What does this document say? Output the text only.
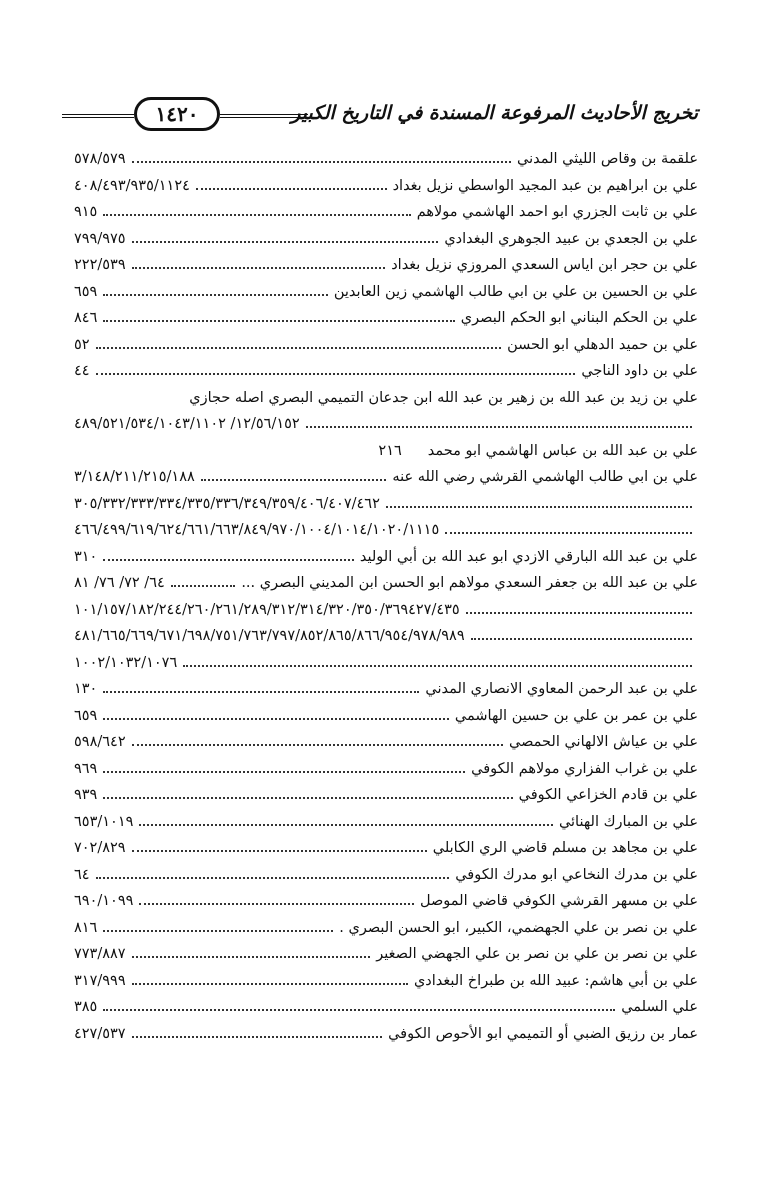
١٤٢٠	تخريج الأحاديث المرفوعة المسندة في التاريخ الكبير
علقمة بن وقاص الليثي المدني٥٧٨/٥٧٩
علي بن ابراهيم بن عبد المجيد الواسطي نزيل بغداد٤٠٨/٤٩٣/٩٣٥/١١٢٤
علي بن ثابت الجزري ابو احمد الهاشمي مولاهم٩١٥
علي بن الجعدي بن عبيد الجوهري البغدادي٧٩٩/٩٧٥
علي بن حجر ابن اياس السعدي المروزي نزيل بغداد٢٢٢/٥٣٩
علي بن الحسين بن علي بن ابي طالب الهاشمي زين العابدين٦٥٩
علي بن الحكم البناني ابو الحكم البصري٨٤٦
علي بن حميد الدهلي ابو الحسن٥٢
علي بن داود الناجي٤٤
علي بن زيد بن عبد الله بن زهير بن عبد الله ابن جدعان التميمي البصري اصله حجازي
١٢/٥٦/١٥٢/ ٤٨٩/٥٢١/٥٣٤/١٠٤٣/١١٠٢
علي بن عبد الله بن عباس الهاشمي ابو محمد٢١٦
علي بن ابي طالب الهاشمي القرشي رضي الله عنه٣/١٤٨/٢١١/٢١٥/١٨٨
٣٠٥/٣٣٢/٣٣٣/٣٣٤/٣٣٥/٣٣٦/٣٤٩/٣٥٩/٤٠٦/٤٠٧/٤٦٢
٤٦٦/٤٩٩/٦١٩/٦٢٤/٦٦١/٦٦٣/٨٤٩/٩٧٠/١٠٠٤/١٠١٤/١٠٢٠/١١١٥
علي بن عبد الله البارقي الازدي ابو عبد الله بن أبي الوليد٣١٠
علي بن عبد الله بن جعفر السعدي مولاهم ابو الحسن ابن المديني البصري ...٦٤/ ٧٢/ ٧٦/ ٨١
١٠١/١٥٧/١٨٢/٢٤٤/٢٦٠/٢٦١/٢٨٩/٣١٢/٣١٤/٣٢٠/٣٥٠/٣٦٩٤٢٧/٤٣٥
٤٨١/٦٦٥/٦٦٩/٦٧١/٦٩٨/٧٥١/٧٦٣/٧٩٧/٨٥٢/٨٦٥/٨٦٦/٩٥٤/٩٧٨/٩٨٩
١٠٠٢/١٠٣٢/١٠٧٦
علي بن عبد الرحمن المعاوي الانصاري المدني١٣٠
علي بن عمر بن علي بن حسين الهاشمي٦٥٩
علي بن عياش الالهاني الحمصي٥٩٨/٦٤٢
علي بن غراب الفزاري مولاهم الكوفي٩٦٩
علي بن قادم الخزاعي الكوفي٩٣٩
علي بن المبارك الهنائي٦٥٣/١٠١٩
علي بن مجاهد بن مسلم قاضي الري الكابلي٧٠٢/٨٢٩
علي بن مدرك النخاعي ابو مدرك الكوفي٦٤
علي بن مسهر القرشي الكوفي قاضي الموصل٦٩٠/١٠٩٩
علي بن نصر بن علي الجهضمي، الكبير، ابو الحسن البصري .٨١٦
علي بن نصر بن علي بن نصر بن علي الجهضي الصغير٧٧٣/٨٨٧
علي بن أبي هاشم: عبيد الله بن طبراخ البغدادي٣١٧/٩٩٩
علي السلمي٣٨٥
عمار بن رزيق الضبي أو التميمي ابو الأحوص الكوفي٤٢٧/٥٣٧
